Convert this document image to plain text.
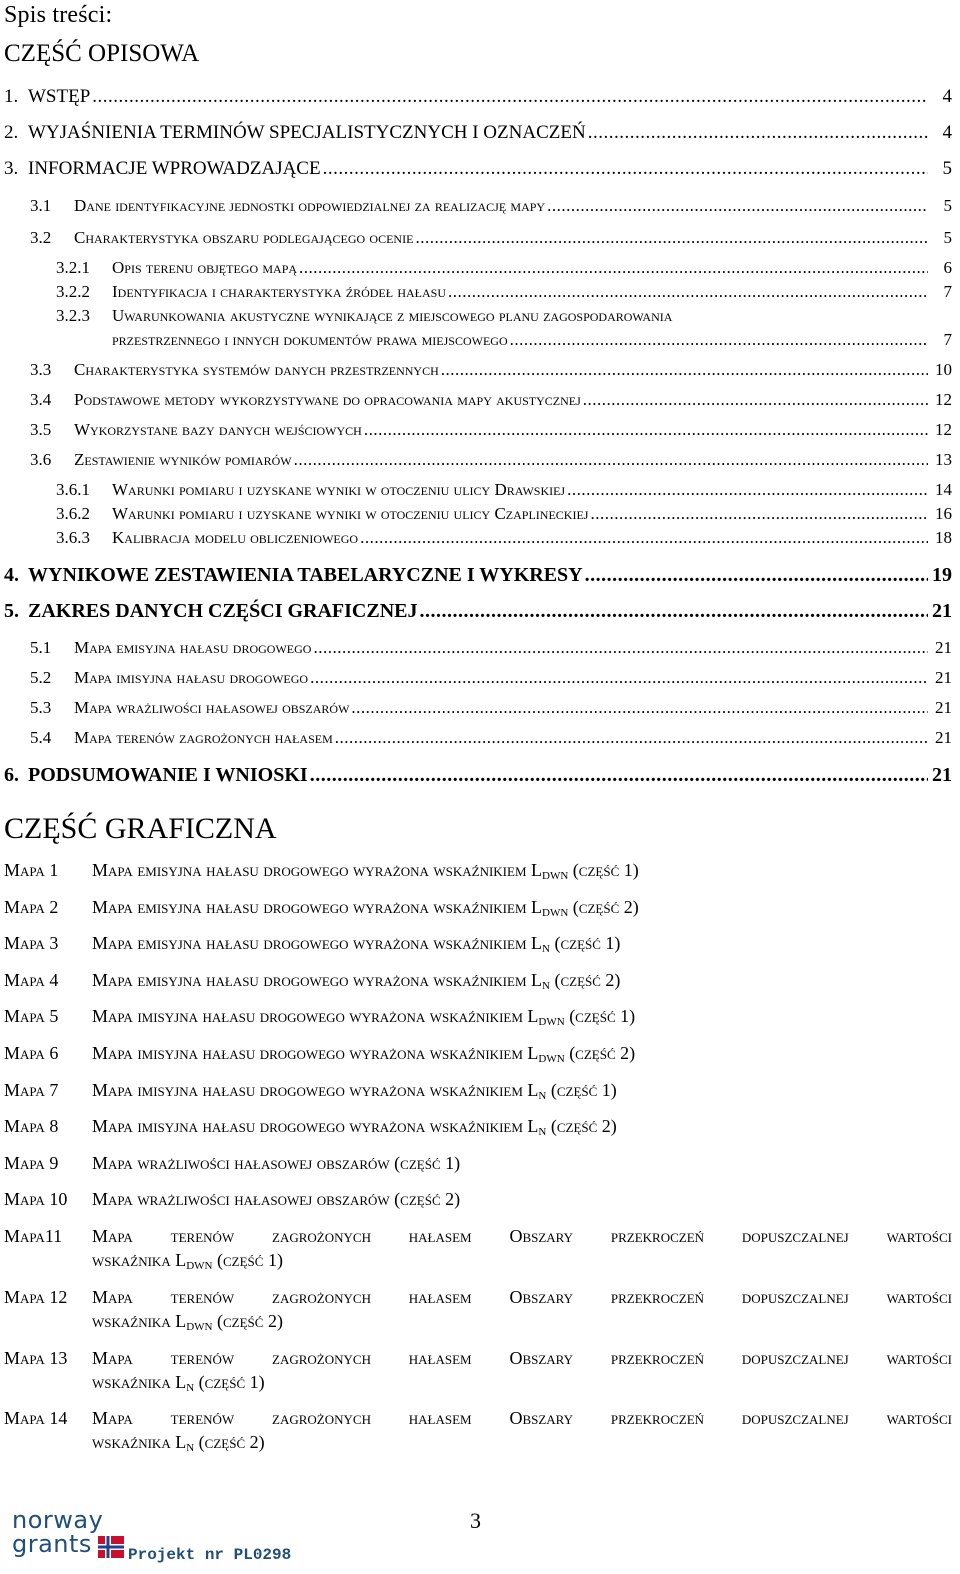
Spis treści:
CZĘŚĆ OPISOWA
1. WSTĘP .....	4
2. WYJAŚNIENIA TERMINÓW SPECJALISTYCZNYCH I OZNACZEŃ .....	4
3. INFORMACJE WPROWADZAJĄCE .....	5
3.1 Dane identyfikacyjne jednostki odpowiedzialnej za realizację mapy .....	5
3.2 Charakterystyka obszaru podlegającego ocenie .....	5
3.2.1 Opis terenu objętego mapą .....	6
3.2.2 Identyfikacja i charakterystyka źródeł hałasu .....	7
3.2.3 Uwarunkowania akustyczne wynikające z miejscowego planu zagospodarowania
przestrzennego i innych dokumentów prawa miejscowego .....	7
3.3 Charakterystyka systemów danych przestrzennych .....	10
3.4 Podstawowe metody wykorzystywane do opracowania mapy akustycznej .....	12
3.5 Wykorzystane bazy danych wejściowych .....	12
3.6 Zestawienie wyników pomiarów .....	13
3.6.1 Warunki pomiaru i uzyskane wyniki w otoczeniu ulicy Drawskiej .....	14
3.6.2 Warunki pomiaru i uzyskane wyniki w otoczeniu ulicy Czaplineckiej .....	16
3.6.3 Kalibracja modelu obliczeniowego .....	18
4. WYNIKOWE ZESTAWIENIA TABELARYCZNE I WYKRESY .....	19
5. ZAKRES DANYCH CZĘŚCI GRAFICZNEJ .....	21
5.1 Mapa emisyjna hałasu drogowego .....	21
5.2 Mapa imisyjna hałasu drogowego .....	21
5.3 Mapa wrażliwości hałasowej obszarów .....	21
5.4 Mapa terenów zagrożonych hałasem .....	21
6. PODSUMOWANIE I WNIOSKI .....	21
CZĘŚĆ GRAFICZNA
Mapa 1 Mapa emisyjna hałasu drogowego wyrażona wskaźnikiem $L_{DWN}$ (część 1)
Mapa 2 Mapa emisyjna hałasu drogowego wyrażona wskaźnikiem $L_{DWN}$ (część 2)
Mapa 3 Mapa emisyjna hałasu drogowego wyrażona wskaźnikiem $L_N$ (część 1)
Mapa 4 Mapa emisyjna hałasu drogowego wyrażona wskaźnikiem $L_N$ (część 2)
Mapa 5 Mapa imisyjna hałasu drogowego wyrażona wskaźnikiem $L_{DWN}$ (część 1)
Mapa 6 Mapa imisyjna hałasu drogowego wyrażona wskaźnikiem $L_{DWN}$ (część 2)
Mapa 7 Mapa imisyjna hałasu drogowego wyrażona wskaźnikiem $L_N$ (część 1)
Mapa 8 Mapa imisyjna hałasu drogowego wyrażona wskaźnikiem $L_N$ (część 2)
Mapa 9 Mapa wrażliwości hałasowej obszarów (część 1)
Mapa 10 Mapa wrażliwości hałasowej obszarów (część 2)
Mapa11 Mapa terenów zagrożonych hałasem Obszary przekroczeń dopuszczalnej wartości
wskaźnika $L_{DWN}$ (część 1)
Mapa 12 Mapa terenów zagrożonych hałasem Obszary przekroczeń dopuszczalnej wartości
wskaźnika $L_{DWN}$ (część 2)
Mapa 13 Mapa terenów zagrożonych hałasem Obszary przekroczeń dopuszczalnej wartości
wskaźnika $L_N$ (część 1)
Mapa 14 Mapa terenów zagrożonych hałasem Obszary przekroczeń dopuszczalnej wartości
wskaźnika $L_N$ (część 2)
norway
grants Projekt nr PL0298
3
